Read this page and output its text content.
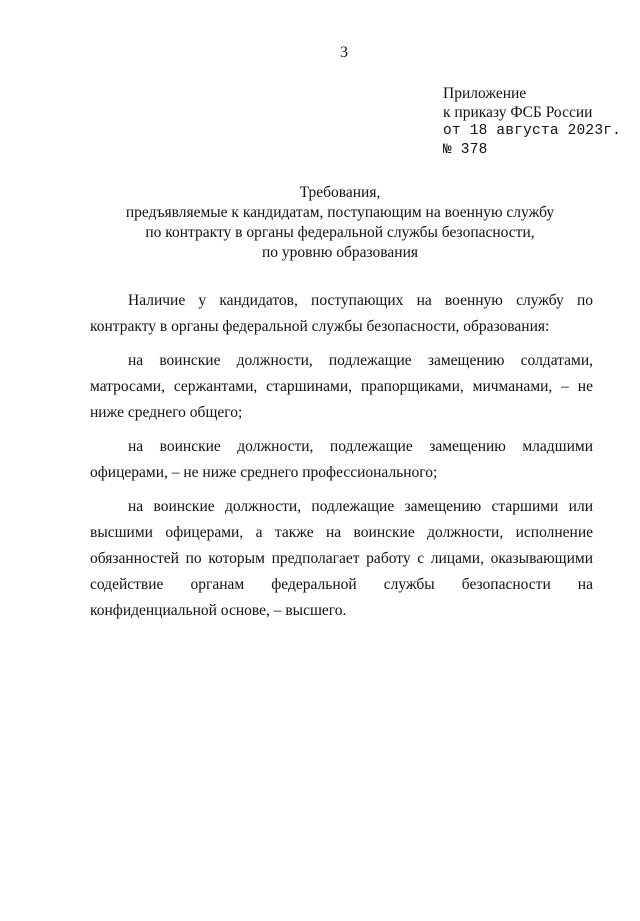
3
Приложение
к приказу ФСБ России
от 18 августа 2023г.
№ 378
Требования,
предъявляемые к кандидатам, поступающим на военную службу
по контракту в органы федеральной службы безопасности,
по уровню образования

Наличие у кандидатов, поступающих на военную службу по контракту в органы федеральной службы безопасности, образования:

на воинские должности, подлежащие замещению солдатами, матросами, сержантами, старшинами, прапорщиками, мичманами, – не ниже среднего общего;

на воинские должности, подлежащие замещению младшими офицерами, – не ниже среднего профессионального;

на воинские должности, подлежащие замещению старшими или высшими офицерами, а также на воинские должности, исполнение обязанностей по которым предполагает работу с лицами, оказывающими содействие органам федеральной службы безопасности на конфиденциальной основе, – высшего.
